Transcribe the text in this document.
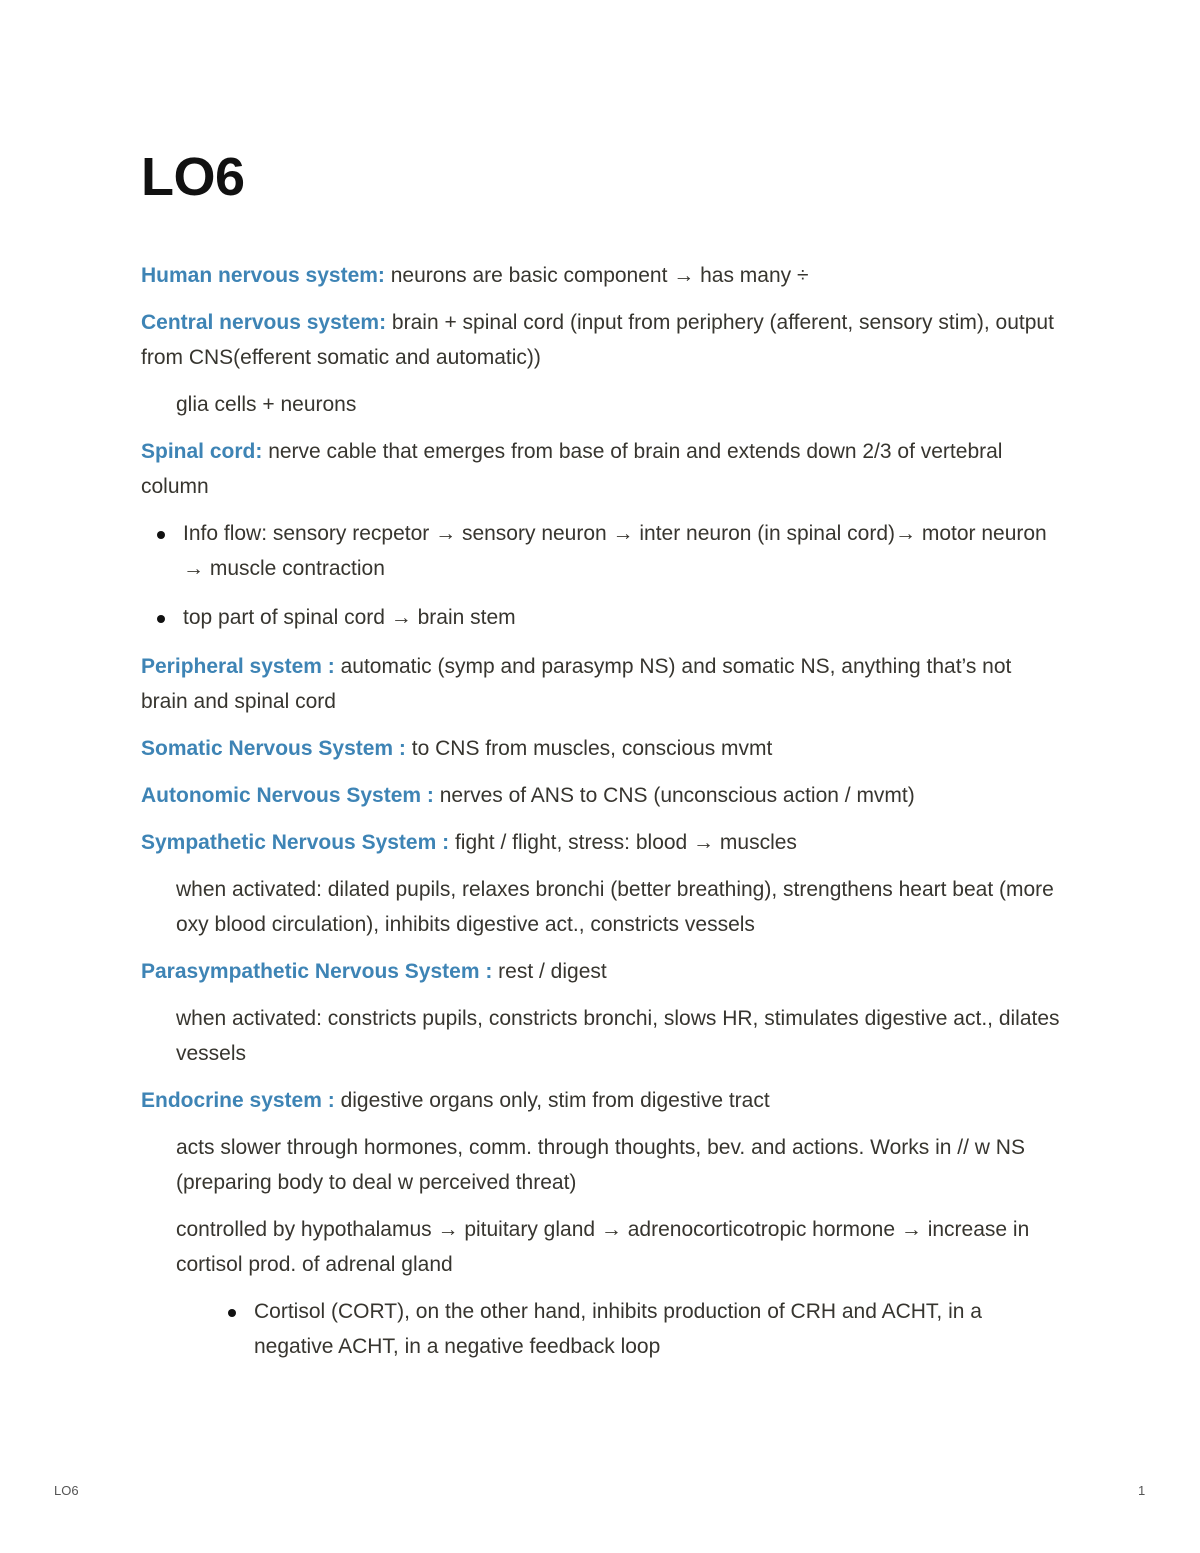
LO6

Human nervous system: neurons are basic component → has many ÷

Central nervous system: brain + spinal cord (input from periphery (afferent, sensory stim), output from CNS(efferent somatic and automatic))

glia cells + neurons

Spinal cord: nerve cable that emerges from base of brain and extends down 2/3 of vertebral column

Info flow: sensory recpetor → sensory neuron → inter neuron (in spinal cord)→ motor neuron → muscle contraction
top part of spinal cord → brain stem

Peripheral system : automatic (symp and parasymp NS) and somatic NS, anything that’s not brain and spinal cord

Somatic Nervous System : to CNS from muscles, conscious mvmt

Autonomic Nervous System : nerves of ANS to CNS (unconscious action / mvmt)

Sympathetic Nervous System : fight / flight, stress: blood → muscles

when activated: dilated pupils, relaxes bronchi (better breathing), strengthens heart beat (more oxy blood circulation), inhibits digestive act., constricts vessels

Parasympathetic Nervous System : rest / digest

when activated: constricts pupils, constricts bronchi, slows HR, stimulates digestive act., dilates vessels

Endocrine system : digestive organs only, stim from digestive tract

acts slower through hormones, comm. through thoughts, bev. and actions. Works in // w NS (preparing body to deal w perceived threat)

controlled by hypothalamus → pituitary gland → adrenocorticotropic hormone → increase in cortisol prod. of adrenal gland

Cortisol (CORT), on the other hand, inhibits production of CRH and ACHT, in a negative ACHT, in a negative feedback loop
LO6	1
